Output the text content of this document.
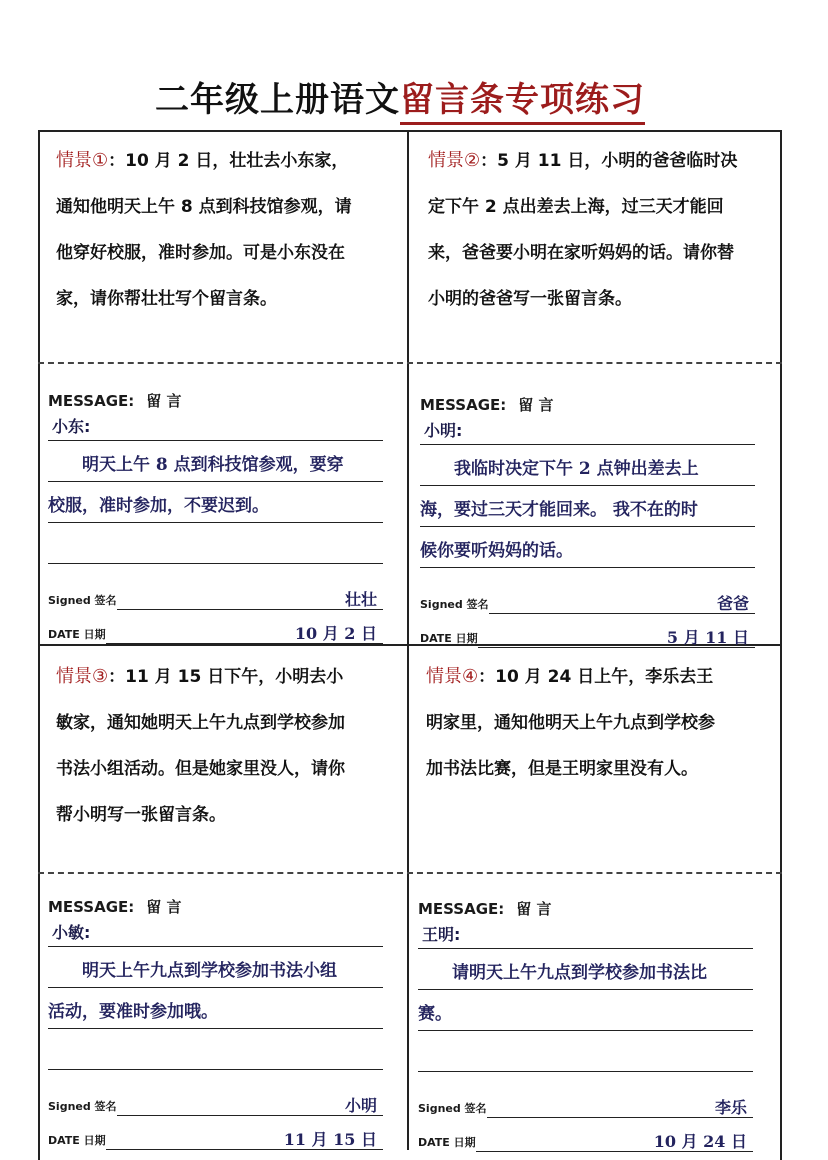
二年级上册语文留言条专项练习
情景①：10 月 2 日，壮壮去小东家，
通知他明天上午 8 点到科技馆参观，请
他穿好校服，准时参加。可是小东没在
家，请你帮壮壮写个留言条。
情景②：5 月 11 日，小明的爸爸临时决
定下午 2 点出差去上海，过三天才能回
来，爸爸要小明在家听妈妈的话。请你替
小明的爸爸写一张留言条。
情景③：11 月 15 日下午，小明去小
敏家，通知她明天上午九点到学校参加
书法小组活动。但是她家里没人，请你
帮小明写一张留言条。
情景④：10 月 24 日上午，李乐去王
明家里，通知他明天上午九点到学校参
加书法比赛，但是王明家里没有人。
MESSAGE: 留 言
小东:
明天上午 8 点到科技馆参观，要穿
校服，准时参加，不要迟到。
Signed 签名	壮壮
DATE 日期	10 月 2 日
MESSAGE: 留 言
小明:
我临时决定下午 2 点钟出差去上
海，要过三天才能回来。 我不在的时
候你要听妈妈的话。
Signed 签名	爸爸
DATE 日期	5 月 11 日
MESSAGE: 留 言
小敏:
明天上午九点到学校参加书法小组
活动，要准时参加哦。
Signed 签名	小明
DATE 日期	11 月 15 日
MESSAGE: 留 言
王明:
请明天上午九点到学校参加书法比
赛。
Signed 签名	李乐
DATE 日期	10 月 24 日
